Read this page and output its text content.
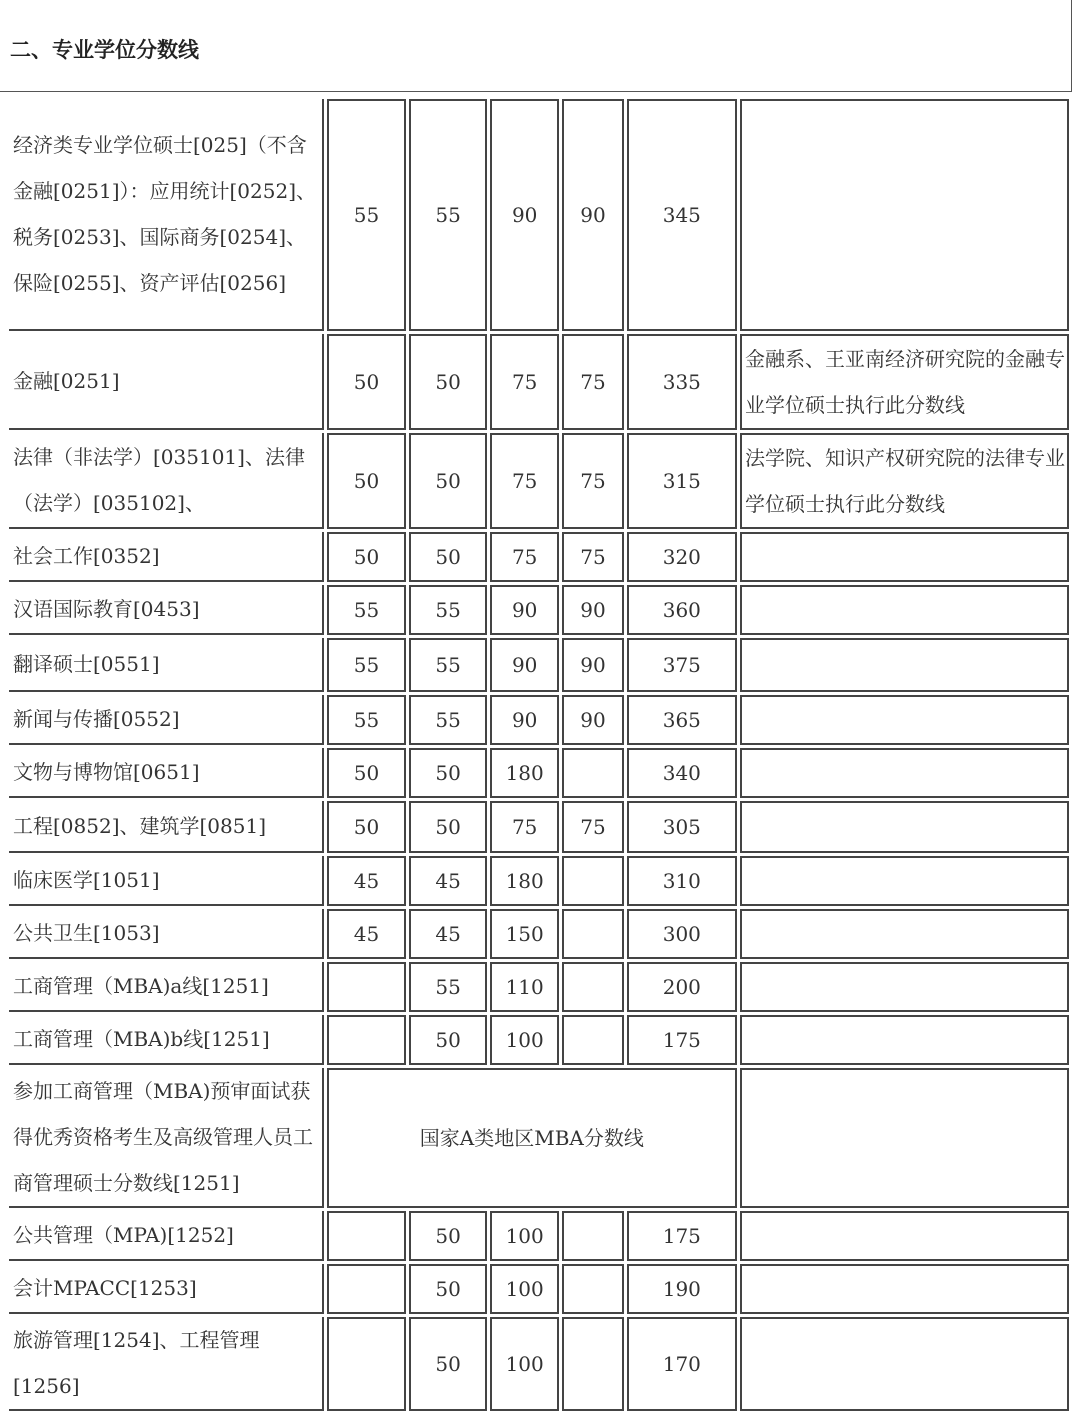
二、专业学位分数线
经济类专业学位硕士[025]（不含金融[0251]）：应用统计[0252]、税务[0253]、国际商务[0254]、保险[0255]、资产评估[0256]	55	55	90	90	345	
金融[0251]	50	50	75	75	335	金融系、王亚南经济研究院的金融专业学位硕士执行此分数线
法律（非法学）[035101]、法律（法学）[035102]、	50	50	75	75	315	法学院、知识产权研究院的法律专业学位硕士执行此分数线
社会工作[0352]	50	50	75	75	320	
汉语国际教育[0453]	55	55	90	90	360	
翻译硕士[0551]	55	55	90	90	375	
新闻与传播[0552]	55	55	90	90	365	
文物与博物馆[0651]	50	50	180		340	
工程[0852]、建筑学[0851]	50	50	75	75	305	
临床医学[1051]	45	45	180		310	
公共卫生[1053]	45	45	150		300	
工商管理（MBA)a线[1251]		55	110		200	
工商管理（MBA)b线[1251]		50	100		175	
参加工商管理（MBA)预审面试获得优秀资格考生及高级管理人员工商管理硕士分数线[1251]	国家A类地区MBA分数线					
公共管理（MPA)[1252]		50	100		175	
会计MPACC[1253]		50	100		190	
旅游管理[1254]、工程管理[1256]		50	100		170	
